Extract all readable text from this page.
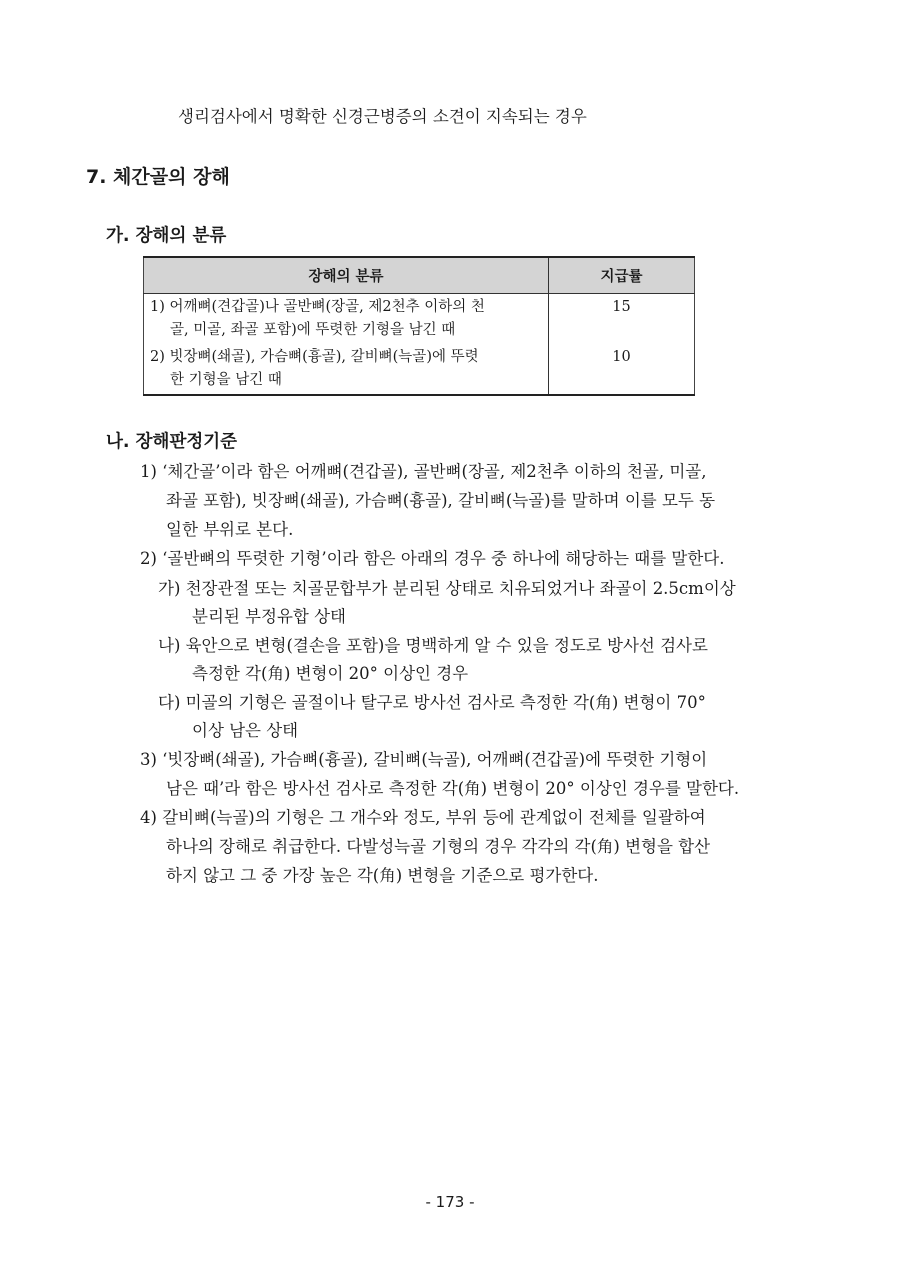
생리검사에서 명확한 신경근병증의 소견이 지속되는 경우
7. 체간골의 장해
가. 장해의 분류
장해의 분류	지급률

1) 어깨뼈(견갑골)나 골반뼈(장골, 제2천추 이하의 천
골, 미골, 좌골 포함)에 뚜렷한 기형을 남긴 때	15

2) 빗장뼈(쇄골), 가슴뼈(흉골), 갈비뼈(늑골)에 뚜렷
한 기형을 남긴 때	10
나. 장해판정기준
1) ‘체간골’이라 함은 어깨뼈(견갑골), 골반뼈(장골, 제2천추 이하의 천골, 미골,
좌골 포함), 빗장뼈(쇄골), 가슴뼈(흉골), 갈비뼈(늑골)를 말하며 이를 모두 동
일한 부위로 본다.
2) ‘골반뼈의 뚜렷한 기형’이라 함은 아래의 경우 중 하나에 해당하는 때를 말한다.
가) 천장관절 또는 치골문합부가 분리된 상태로 치유되었거나 좌골이 2.5cm이상
분리된 부정유합 상태
나) 육안으로 변형(결손을 포함)을 명백하게 알 수 있을 정도로 방사선 검사로
측정한 각(角) 변형이 20° 이상인 경우
다) 미골의 기형은 골절이나 탈구로 방사선 검사로 측정한 각(角) 변형이 70°
이상 남은 상태
3) ‘빗장뼈(쇄골), 가슴뼈(흉골), 갈비뼈(늑골), 어깨뼈(견갑골)에 뚜렷한 기형이
남은 때’라 함은 방사선 검사로 측정한 각(角) 변형이 20° 이상인 경우를 말한다.
4) 갈비뼈(늑골)의 기형은 그 개수와 정도, 부위 등에 관계없이 전체를 일괄하여
하나의 장해로 취급한다. 다발성늑골 기형의 경우 각각의 각(角) 변형을 합산
하지 않고 그 중 가장 높은 각(角) 변형을 기준으로 평가한다.
- 173 -
